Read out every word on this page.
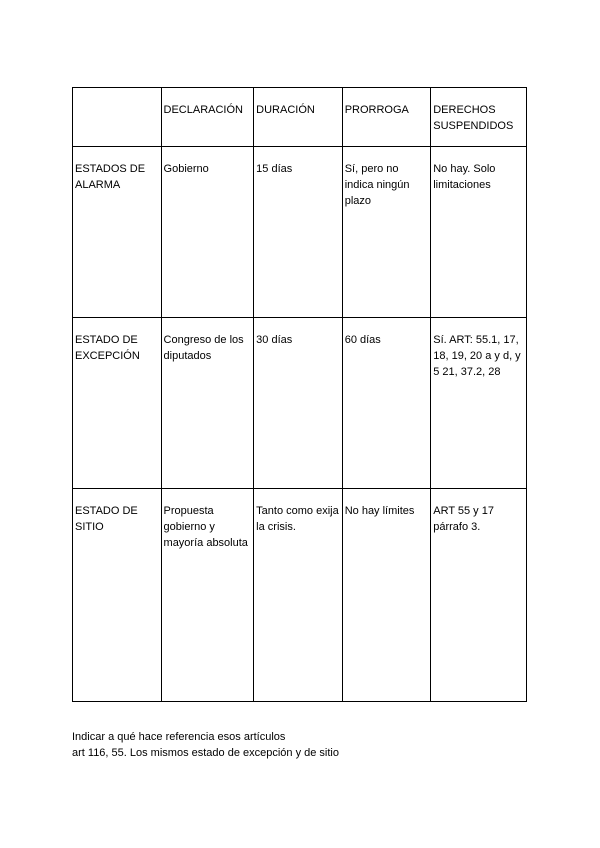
	DECLARACIÓN	DURACIÓN	PRORROGA	DERECHOS SUSPENDIDOS
ESTADOS DE ALARMA	Gobierno	15 días	Sí, pero no indica ningún plazo	No hay. Solo limitaciones
ESTADO DE EXCEPCIÓN	Congreso de los diputados	30 días	60 días	Sí. ART: 55.1, 17, 18, 19, 20 a y d, y 5 21, 37.2, 28
ESTADO DE SITIO	Propuesta gobierno y mayoría absoluta	Tanto como exija la crisis.	No hay límites	ART 55 y 17 párrafo 3.
Indicar a qué hace referencia esos artículos
art 116, 55. Los mismos estado de excepción y de sitio
